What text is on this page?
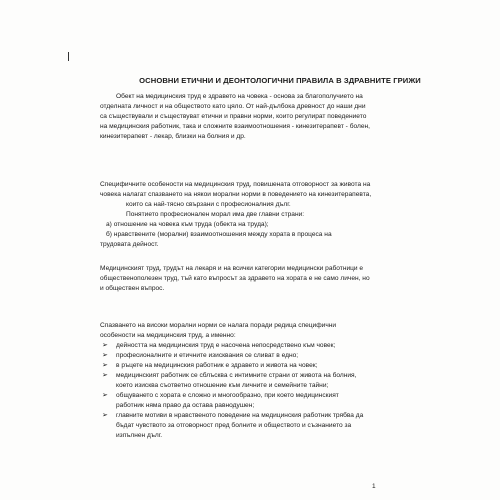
ОСНОВНИ ЕТИЧНИ И ДЕОНТОЛОГИЧНИ ПРАВИЛА В ЗДРАВНИТЕ ГРИЖИ
Обект на медицинския труд е здравето на човека - основа за благополучието на
отделната личност и на обществото като цяло. От най-дълбока древност до наши дни
са съществували и съществуват етични и правни норми, които регулират поведението
на медицинския работник, така и сложните взаимоотношения - кинезитерапевт - болен,
кинезитерапевт - лекар, близки на болния и др.
Специфичните особености на медицинския труд, повишената отговорност за живота на
човека налагат спазването на някои морални норми в поведението на кинезитерапевта,
които са най-тясно свързани с професионалния дълг.
Понятието професионален морал има две главни страни:
а) отношение на човека към труда (обекта на труда);
б) нравствените (морални) взаимоотношения между хората в процеса на
трудовата дейност.
Медицинският труд, трудът на лекаря и на всички категории медицински работници е
общественополезен труд, тъй като въпросът за здравето на хората е не само личен, но
и обществен въпрос.
Спазването на високи морални норми се налага поради редица специфични
особености на медицинския труд, а именно:
➢ дейността на медицинския труд е насочена непосредствено към човек;
➢ професионалните и етичните изисквания се сливат в едно;
➢ в ръцете на медицинския работник е здравето и живота на човек;
➢ медицинският работник се сблъсква с интимните страни от живота на болния,
което изисква съответно отношение към личните и семейните тайни;
➢ общуването с хората е сложно и многообразно, при което медицинският
работник няма право да остава равнодушен;
➢ главните мотиви в нравственото поведение на медицинския работник трябва да
бъдат чувството за отговорност пред болните и обществото и съзнанието за
изпълнен дълг.
1
